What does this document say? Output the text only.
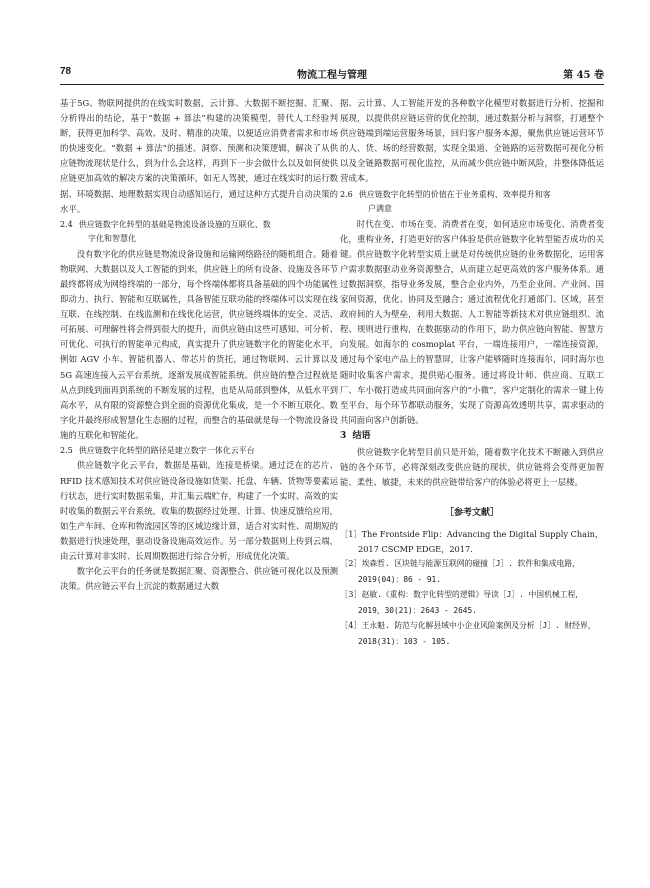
78	物流工程与管理	第 45 卷

基于5G、物联网提供的在线实时数据，云计算、大数据不断挖掘、汇聚、分析得出的结论，基于“数据 + 算法”构建的决策模型，替代人工经验判断，获得更加科学、高效、及时、精准的决策，以便适应消费者需求和市场的快速变化。“数据 + 算法”的描述、洞察、预测和决策逻辑，解决了从供应链物流现状是什么，到为什么会这样，再到下一步会做什么以及如何使供应链更加高效的解决方案的决策循环，如无人驾驶，通过在线实时的运行数据、环境数据、地理数据实现自动感知运行，通过这种方式提升自动决策的水平。

2.4 供应链数字化转型的基础是物流设备设施的互联化、数
字化和智慧化

没有数字化的供应链是物流设备设施和运输网络路径的随机组合。随着物联网、大数据以及人工智能的到来，供应链上的所有设备、设施及各环节最终都将成为网络终端的一部分，每个终端体都将具备基础的四个功能属性即动力、执行、智能和互联属性，具备智能互联功能的终端体可以实现在线互联、在线控制、在线监测和在线优化运营，供应链终端体的安全、灵活、可拓展、可理解性将会得到很大的提升，而供应链由这些可感知、可分析、可优化、可执行的智能单元构成，真实提升了供应链数字化的智能化水平，例如 AGV 小车、智能机器人、带芯片的货托，通过物联网、云计算以及 5G 高速连接入云平台系统，逐渐发展成智能系统。供应链的整合过程就是从点到线到面再到系统的不断发展的过程，也是从局部到整体，从低水平到高水平，从有限的资源整合到全面的资源优化集成，是一个不断互联化、数字化并最终形成智慧化生态圈的过程，而整合的基础就是每一个物流设备设施的互联化和智能化。

2.5 供应链数字化转型的路径是建立数字一体化云平台

供应链数字化云平台，数据是基础，连接是桥梁。通过泛在的芯片、RFID 技术感知技术对供应链设备设施如货架、托盘、车辆、货物等要素运行状态，进行实时数据采集，并汇集云端贮存，构建了一个实时、高效的实时收集的数据云平台系统，收集的数据经过处理、计算、快速反馈给应用，如生产车间、仓库和物流园区等的区域边缘计算，适合对实时性、周期短的数据进行快速处理，驱动设备设施高效运作。另一部分数据则上传到云端，由云计算对非实时、长周期数据进行综合分析，形成优化决策。

数字化云平台的任务就是数据汇聚、资源整合、供应链可视化以及预测决策。供应链云平台上沉淀的数据通过大数

据、云计算、人工智能开发的各种数字化模型对数据进行分析、挖掘和展现，以提供供应链运营的优化控制，通过数据分析与洞察，打通整个供应链端到端运营服务场景，回归客户服务本源，聚焦供应链运营环节的人、货、场的经营数据，实现全渠道、全链路的运营数据可视化分析以及全链路数据可视化监控，从而减少供应链中断风险，并整体降低运营成本。

2.6 供应链数字化转型的价值在于业务重构、效率提升和客
户满意

时代在变、市场在变、消费者在变，如何适应市场变化、消费者变化，重构业务，打造更好的客户体验是供应链数字化转型能否成功的关键。供应链数字化转型实质上就是对传统供应链的业务数据化，运用客户需求数据驱动业务资源整合，从而建立起更高效的客户服务体系。通过数据洞察，指导业务发展，整合企业内外，乃至企业间、产业间、国家间资源，优化、协同及至融合；通过流程优化打通部门、区域，甚至政府间的人为壁垒，利用大数据、人工智能等新技术对供应链组织、流程、规则进行重构，在数据驱动的作用下，助力供应链向智能、智慧方向发展。如海尔的 cosmoplat 平台，一端连接用户，一端连接资源，通过每个家电产品上的智慧屏，让客户能够随时连接海尔，同时海尔也随时收集客户需求，提供贴心服务。通过将设计师、供应商、互联工厂、车小微打造成共同面向客户的“小微”，客户定制化的需求一键上传至平台，每个环节都联动服务，实现了资源高效透明共享，需求驱动的共同面向客户创新链。

3 结语

供应链数字化转型目前只是开始，随着数字化技术不断融入到供应链的各个环节，必将深刻改变供应链的现状，供应链将会变得更加智能、柔性、敏捷，未来的供应链带给客户的体验必将更上一层楼。

［参考文献］

［1］The Frontside Flip：Advancing the Digital Supply Chain，2017 CSCMP EDGE，2017.

［2］埃森哲. 区块链与能源互联网的碰撞［J］. 软件和集成电路，2019(04)：86 - 91.

［3］赵敏.《重构：数字化转型的逻辑》导读［J］. 中国机械工程，2019，30(21)：2643 - 2645.

［4］王永魁. 防范与化解县域中小企业风险案例及分析［J］. 财经界，2018(31)：103 - 105.
